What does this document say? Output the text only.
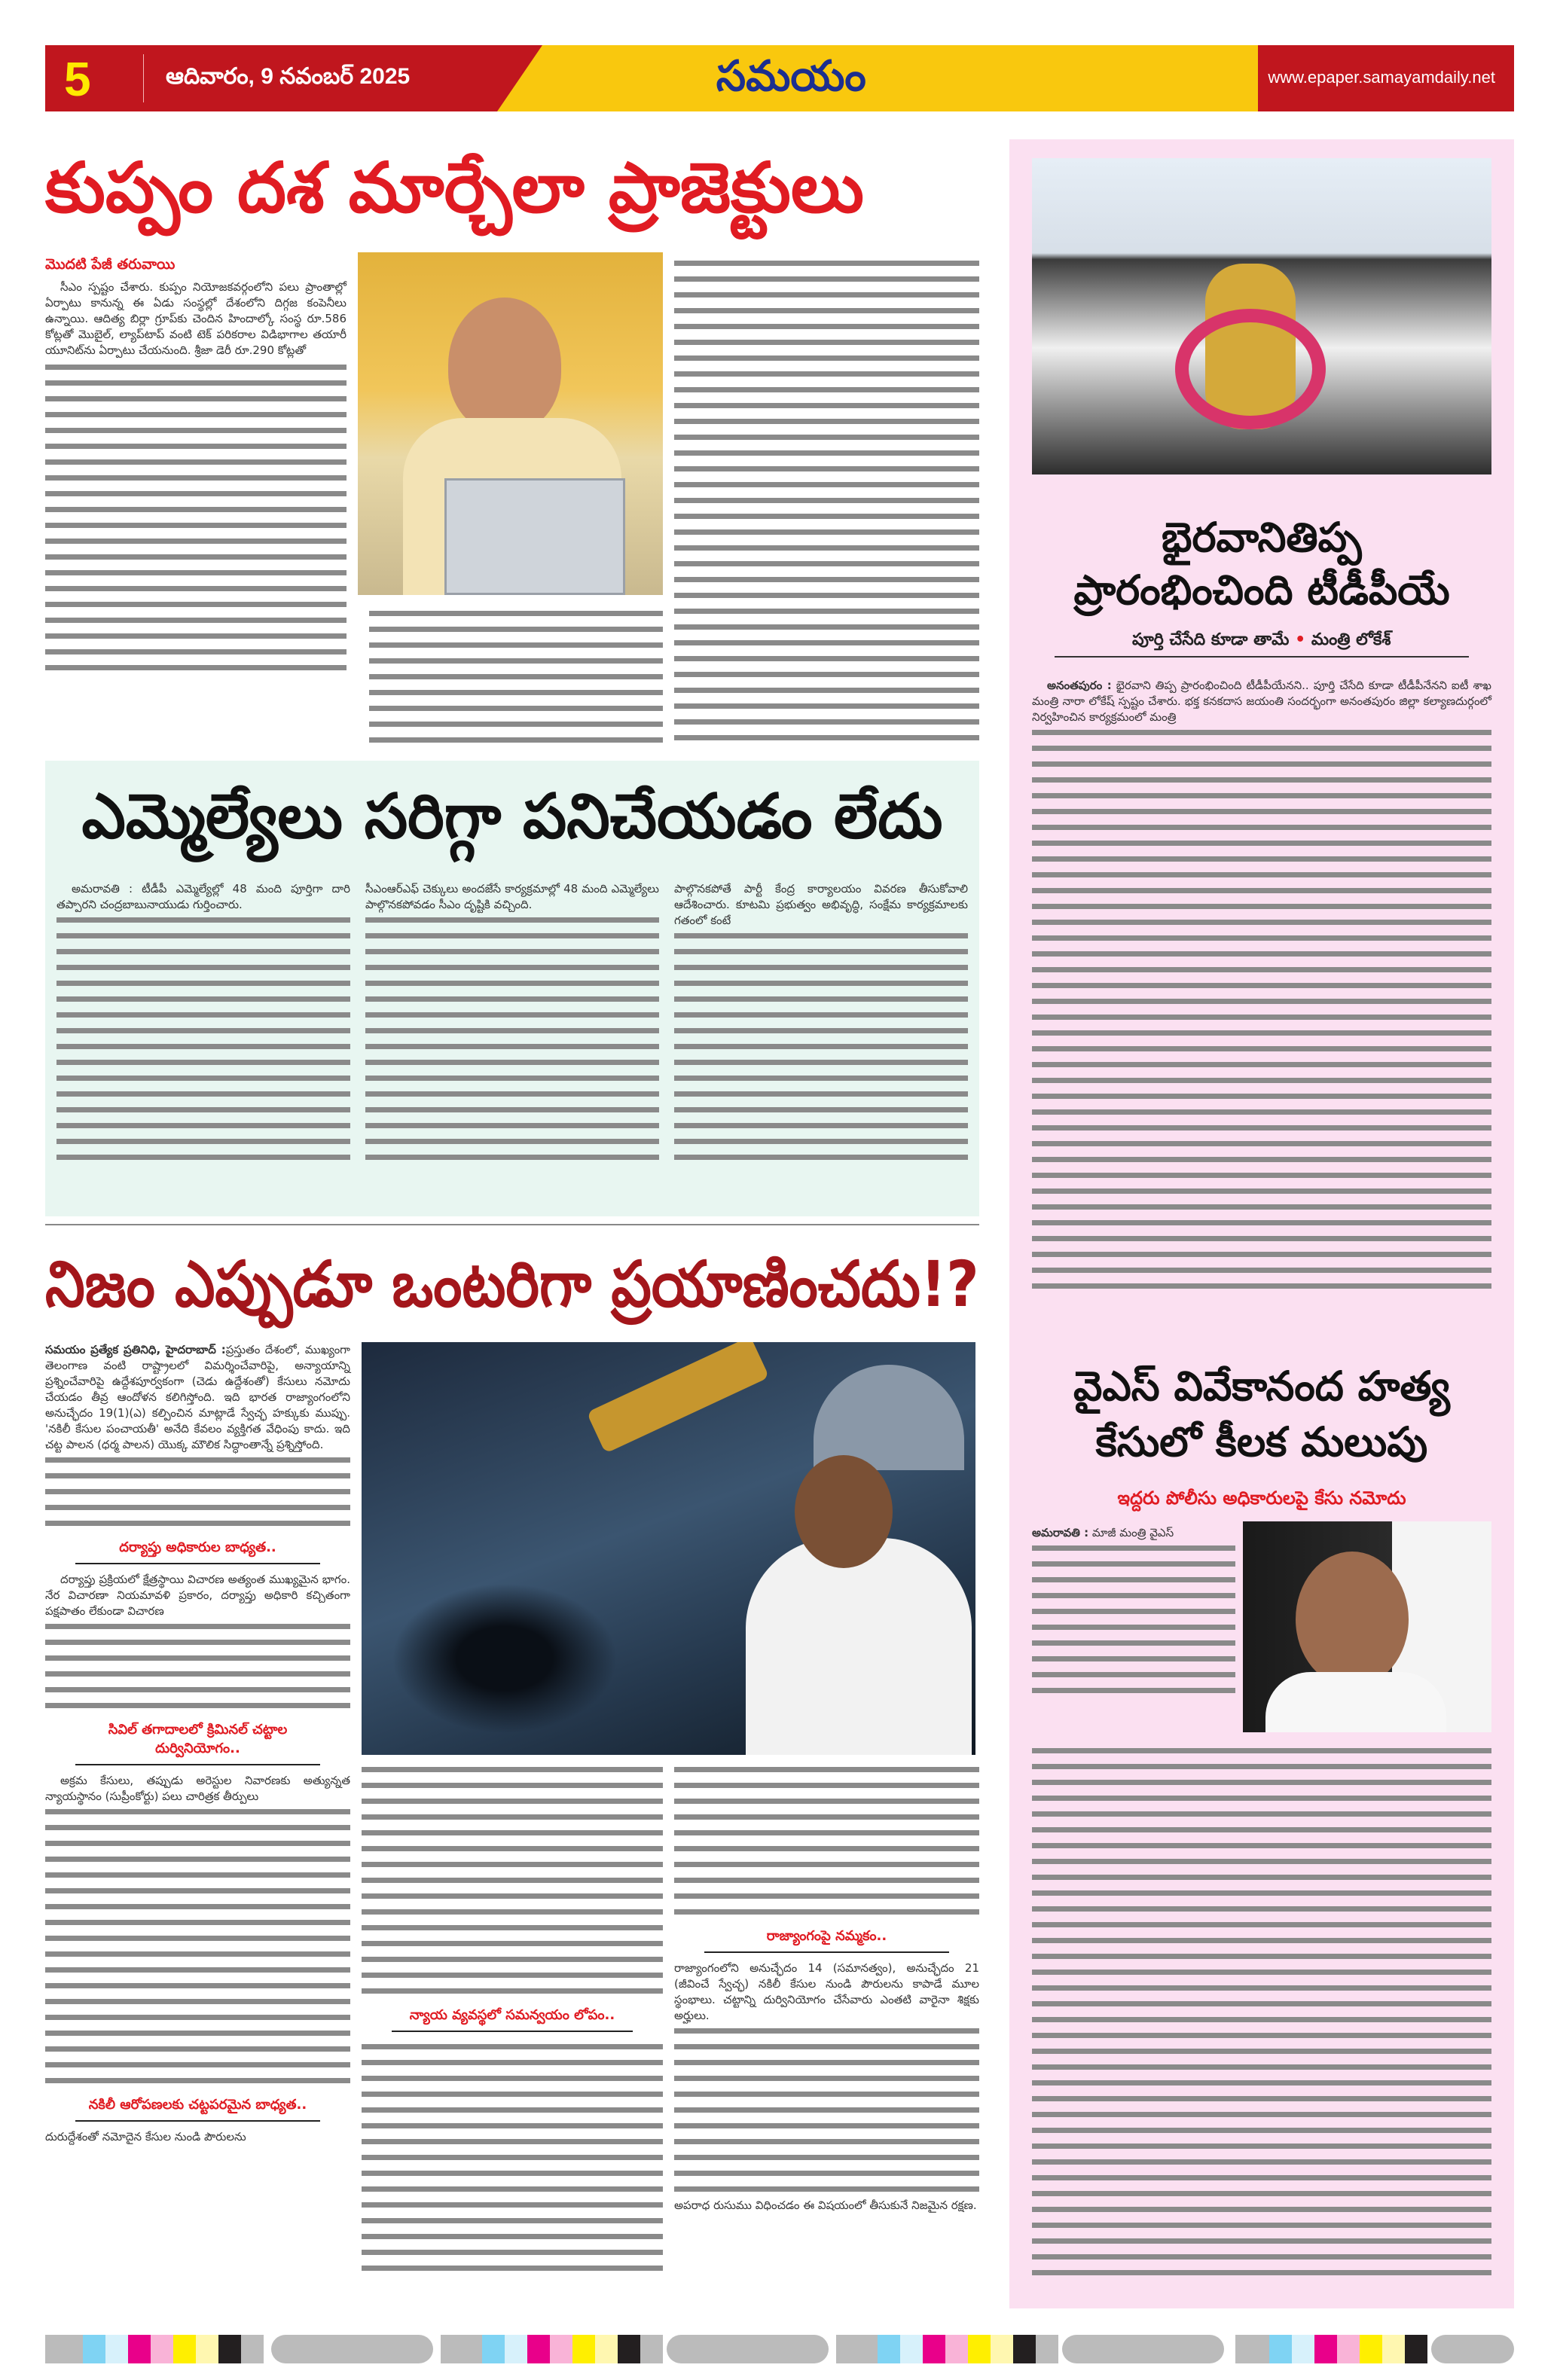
5	ఆదివారం, 9 నవంబర్ 2025	సమయం	www.epaper.samayamdaily.net
కుప్పం దశ మార్చేలా ప్రాజెక్టులు
మొదటి పేజీ తరువాయి
సీఎం స్పష్టం చేశారు. కుప్పం నియోజకవర్గంలోని పలు ప్రాంతాల్లో ఏర్పాటు కానున్న ఈ ఏడు సంస్థల్లో దేశంలోని దిగ్గజ కంపెనీలు ఉన్నాయి. ఆదిత్య బిర్లా గ్రూప్‌కు చెందిన హిందాల్కో సంస్థ రూ.586 కోట్లతో మొబైల్, ల్యాప్‌టాప్ వంటి టెక్ పరికరాల విడిభాగాల తయారీ యూనిట్‌ను ఏర్పాటు చేయనుంది. శ్రీజా డెరీ రూ.290 కోట్లతో
ఎమ్మెల్యేలు సరిగ్గా పనిచేయడం లేదు
అమరావతి : టీడీపీ ఎమ్మెల్యేల్లో 48 మంది పూర్తిగా దారి తప్పారని చంద్రబాబునాయుడు గుర్తించారు.
సీఎంఆర్ఎఫ్ చెక్కులు అందజేసే కార్యక్రమాల్లో 48 మంది ఎమ్మెల్యేలు పాల్గొనకపోవడం సీఎం దృష్టికి వచ్చింది.
పాల్గొనకపోతే పార్టీ కేంద్ర కార్యాలయం వివరణ తీసుకోవాలి ఆదేశించారు. కూటమి ప్రభుత్వం అభివృద్ధి, సంక్షేమ కార్యక్రమాలకు గతంలో కంటే
నిజం ఎప్పుడూ ఒంటరిగా ప్రయాణించదు!?
సమయం ప్రత్యేక ప్రతినిధి, హైదరాబాద్ :ప్రస్తుతం దేశంలో, ముఖ్యంగా తెలంగాణ వంటి రాష్ట్రాలలో విమర్శించేవారిపై, అన్యాయాన్ని ప్రశ్నించేవారిపై ఉద్దేశపూర్వకంగా (చెడు ఉద్దేశంతో) కేసులు నమోదు చేయడం తీవ్ర ఆందోళన కలిగిస్తోంది. ఇది భారత రాజ్యాంగంలోని అనుచ్ఛేదం 19(1)(ఎ) కల్పించిన మాట్లాడే స్వేచ్ఛ హక్కుకు ముప్పు. 'నకిలీ కేసుల పంచాయతీ' అనేది కేవలం వ్యక్తిగత వేధింపు కాదు. ఇది చట్ట పాలన (ధర్మ పాలన) యొక్క మౌలిక సిద్ధాంతాన్నే ప్రశ్నిస్తోంది.
దర్యాప్తు అధికారుల బాధ్యత..
దర్యాప్తు ప్రక్రియలో క్షేత్రస్థాయి విచారణ అత్యంత ముఖ్యమైన భాగం. నేర విచారణా నియమావళి ప్రకారం, దర్యాప్తు అధికారి కచ్చితంగా పక్షపాతం లేకుండా విచారణ
సివిల్ తగాదాలలో క్రిమినల్ చట్టాల దుర్వినియోగం..
అక్రమ కేసులు, తప్పుడు అరెస్టుల నివారణకు అత్యున్నత న్యాయస్థానం (సుప్రీంకోర్టు) పలు చారిత్రక తీర్పులు
నకిలీ ఆరోపణలకు చట్టపరమైన బాధ్యత..
దురుద్దేశంతో నమోదైన కేసుల నుండి పౌరులను
న్యాయ వ్యవస్థలో సమన్వయం లోపం..
రాజ్యాంగంపై నమ్మకం..
రాజ్యాంగంలోని అనుచ్ఛేదం 14 (సమానత్వం), అనుచ్ఛేదం 21 (జీవించే స్వేచ్ఛ) నకిలీ కేసుల నుండి పౌరులను కాపాడే మూల స్థంభాలు. చట్టాన్ని దుర్వినియోగం చేసేవారు ఎంతటి వారైనా శిక్షకు అర్హులు.
అపరాధ రుసుము విధించడం ఈ విషయంలో తీసుకునే నిజమైన రక్షణ.
భైరవానితిప్ప
ప్రారంభించింది టీడీపీయే
పూర్తి చేసేది కూడా తామే • మంత్రి లోకేశ్
అనంతపురం : భైరవాని తిప్ప ప్రారంభించింది టీడీపీయేనని.. పూర్తి చేసేది కూడా టీడీపీనేనని ఐటీ శాఖ మంత్రి నారా లోకేష్ స్పష్టం చేశారు. భక్త కనకదాస జయంతి సందర్భంగా అనంతపురం జిల్లా కల్యాణదుర్గంలో నిర్వహించిన కార్యక్రమంలో మంత్రి
వైఎస్ వివేకానంద హత్య
కేసులో కీలక మలుపు
ఇద్దరు పోలీసు అధికారులపై కేసు నమోదు
అమరావతి : మాజీ మంత్రి వైఎస్
